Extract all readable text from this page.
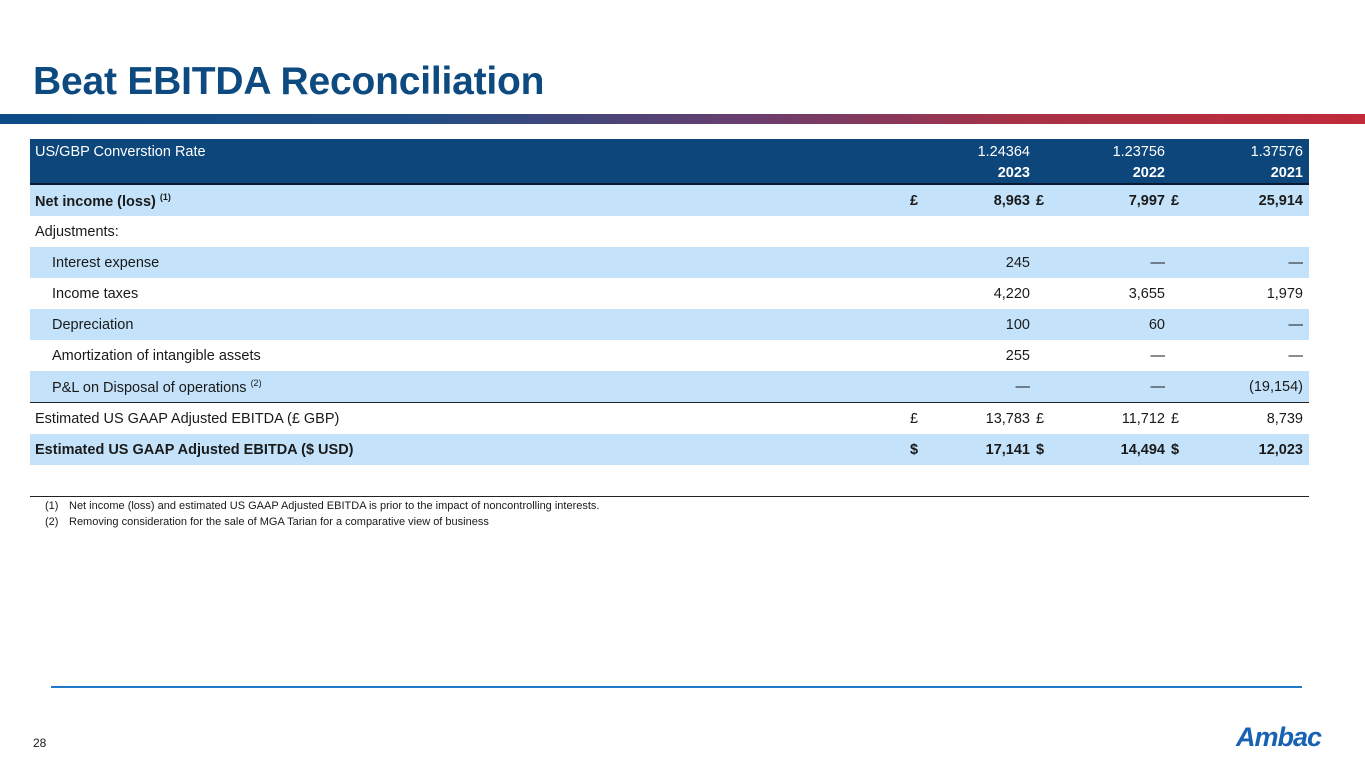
Beat EBITDA Reconciliation
US/GBP Converstion Rate		1.24364		1.23756		1.37576
		2023		2022		2021
Net income (loss) $^{(1)}$	£	8,963	£	7,997	£	25,914
Adjustments:						
Interest expense		245		—		—
Income taxes		4,220		3,655		1,979
Depreciation		100		60		—
Amortization of intangible assets		255		—		—
P&L on Disposal of operations $^{(2)}$		—		—		(19,154)
Estimated US GAAP Adjusted EBITDA (£ GBP)	£	13,783	£	11,712	£	8,739
Estimated US GAAP Adjusted EBITDA ($ USD)	$	17,141	$	14,494	$	12,023

(1) Net income (loss) and estimated US GAAP Adjusted EBITDA is prior to the impact of noncontrolling interests.
(2) Removing consideration for the sale of MGA Tarian for a comparative view of business
28	Ambac
